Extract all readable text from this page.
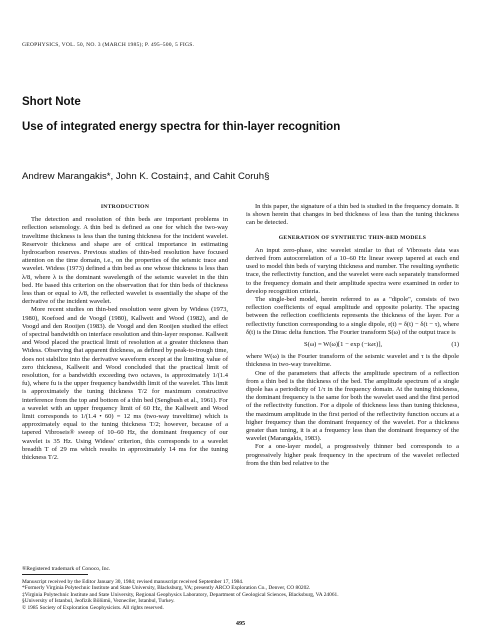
GEOPHYSICS, VOL. 50, NO. 3 (MARCH 1985); P. 495–500, 5 FIGS.
Short Note
Use of integrated energy spectra for thin-layer recognition
Andrew Marangakis*, John K. Costain‡, and Cahit Coruh§
INTRODUCTION

The detection and resolution of thin beds are important problems in reflection seismology. A thin bed is defined as one for which the two-way traveltime thickness is less than the tuning thickness for the incident wavelet. Reservoir thickness and shape are of critical importance in estimating hydrocarbon reserves. Previous studies of thin-bed resolution have focused attention on the time domain, i.e., on the properties of the seismic trace and wavelet. Widess (1973) defined a thin bed as one whose thickness is less than λ/8, where λ is the dominant wavelength of the seismic wavelet in the thin bed. He based this criterion on the observation that for thin beds of thickness less than or equal to λ/8, the reflected wavelet is essentially the shape of the derivative of the incident wavelet.

More recent studies on thin-bed resolution were given by Widess (1973, 1980), Koefoed and de Voogd (1980), Kallweit and Wood (1982), and de Voogd and den Rooijen (1983). de Voogd and den Rooijen studied the effect of spectral bandwidth on interface resolution and thin-layer response. Kallweit and Wood placed the practical limit of resolution at a greater thickness than Widess. Observing that apparent thickness, as defined by peak-to-trough time, does not stabilize into the derivative waveform except at the limiting value of zero thickness, Kallweit and Wood concluded that the practical limit of resolution, for a bandwidth exceeding two octaves, is approximately 1/(1.4 fu), where fu is the upper frequency bandwidth limit of the wavelet. This limit is approximately the tuning thickness T/2 for maximum constructive interference from the top and bottom of a thin bed (Sengbush et al., 1961). For a wavelet with an upper frequency limit of 60 Hz, the Kallweit and Wood limit corresponds to 1/(1.4 • 60) = 12 ms (two-way traveltime) which is approximately equal to the tuning thickness T/2; however, because of a tapered Vibroseis® sweep of 10–60 Hz, the dominant frequency of our wavelet is 35 Hz. Using Widess' criterion, this corresponds to a wavelet breadth T of 29 ms which results in approximately 14 ms for the tuning thickness T/2.

In this paper, the signature of a thin bed is studied in the frequency domain. It is shown herein that changes in bed thickness of less than the tuning thickness can be detected.

GENERATION OF SYNTHETIC THIN-BED MODELS

An input zero-phase, sinc wavelet similar to that of Vibroseis data was derived from autocorrelation of a 10–60 Hz linear sweep tapered at each end used to model thin beds of varying thickness and number. The resulting synthetic trace, the reflectivity function, and the wavelet were each separately transformed to the frequency domain and their amplitude spectra were examined in order to develop recognition criteria.

The single-bed model, herein referred to as a "dipole", consists of two reflection coefficients of equal amplitude and opposite polarity. The spacing between the reflection coefficients represents the thickness of the layer. For a reflectivity function corresponding to a single dipole, r(t) = δ(t) − δ(t − τ), where δ(t) is the Dirac delta function. The Fourier transform S(ω) of the output trace is

S(ω) = W(ω)[1 − exp (−iωτ)],	(1)

where W(ω) is the Fourier transform of the seismic wavelet and τ is the dipole thickness in two-way traveltime.

One of the parameters that affects the amplitude spectrum of a reflection from a thin bed is the thickness of the bed. The amplitude spectrum of a single dipole has a periodicity of 1/τ in the frequency domain. At the tuning thickness, the dominant frequency is the same for both the wavelet used and the first period of the reflectivity function. For a dipole of thickness less than tuning thickness, the maximum amplitude in the first period of the reflectivity function occurs at a higher frequency than the dominant frequency of the wavelet. For a thickness greater than tuning, it is at a frequency less than the dominant frequency of the wavelet (Marangakis, 1983).

For a one-layer model, a progressively thinner bed corresponds to a progressively higher peak frequency in the spectrum of the wavelet reflected from the thin bed relative to the

®Registered trademark of Conoco, Inc.
Manuscript received by the Editor January 30, 1984; revised manuscript received September 17, 1984.
*Formerly Virginia Polytechnic Institute and State University, Blacksburg, VA; presently ARCO Exploration Co., Denver, CO 80202.
‡Virginia Polytechnic Institute and State University, Regional Geophysics Laboratory, Department of Geological Sciences, Blacksburg, VA 24061.
§University of Istanbul, Jeofizik Bölümü, Vezneciler, Istanbul, Turkey.
© 1985 Society of Exploration Geophysicists. All rights reserved.
495
